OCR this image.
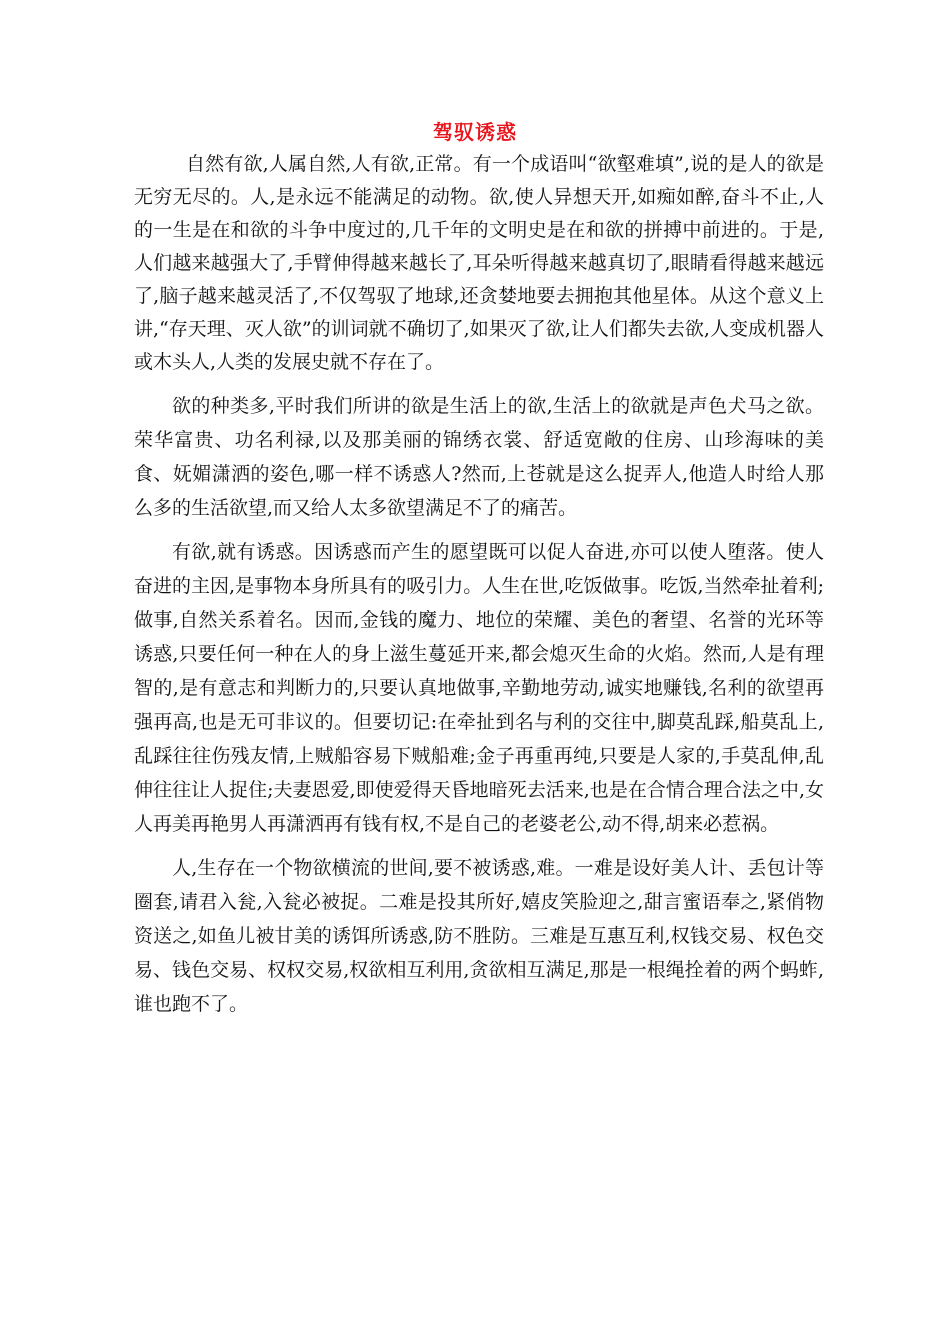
驾驭诱惑

自然有欲,人属自然,人有欲,正常。有一个成语叫“欲壑难填”,说的是人的欲是无穷无尽的。人,是永远不能满足的动物。欲,使人异想天开,如痴如醉,奋斗不止,人的一生是在和欲的斗争中度过的,几千年的文明史是在和欲的拼搏中前进的。于是,人们越来越强大了,手臂伸得越来越长了,耳朵听得越来越真切了,眼睛看得越来越远了,脑子越来越灵活了,不仅驾驭了地球,还贪婪地要去拥抱其他星体。从这个意义上讲,“存天理、灭人欲”的训词就不确切了,如果灭了欲,让人们都失去欲,人变成机器人或木头人,人类的发展史就不存在了。

欲的种类多,平时我们所讲的欲是生活上的欲,生活上的欲就是声色犬马之欲。荣华富贵、功名利禄,以及那美丽的锦绣衣裳、舒适宽敞的住房、山珍海味的美食、妩媚潇洒的姿色,哪一样不诱惑人?然而,上苍就是这么捉弄人,他造人时给人那么多的生活欲望,而又给人太多欲望满足不了的痛苦。

有欲,就有诱惑。因诱惑而产生的愿望既可以促人奋进,亦可以使人堕落。使人奋进的主因,是事物本身所具有的吸引力。人生在世,吃饭做事。吃饭,当然牵扯着利;做事,自然关系着名。因而,金钱的魔力、地位的荣耀、美色的奢望、名誉的光环等诱惑,只要任何一种在人的身上滋生蔓延开来,都会熄灭生命的火焰。然而,人是有理智的,是有意志和判断力的,只要认真地做事,辛勤地劳动,诚实地赚钱,名利的欲望再强再高,也是无可非议的。但要切记:在牵扯到名与利的交往中,脚莫乱踩,船莫乱上,乱踩往往伤残友情,上贼船容易下贼船难;金子再重再纯,只要是人家的,手莫乱伸,乱伸往往让人捉住;夫妻恩爱,即使爱得天昏地暗死去活来,也是在合情合理合法之中,女人再美再艳男人再潇洒再有钱有权,不是自己的老婆老公,动不得,胡来必惹祸。

人,生存在一个物欲横流的世间,要不被诱惑,难。一难是设好美人计、丢包计等圈套,请君入瓮,入瓮必被捉。二难是投其所好,嬉皮笑脸迎之,甜言蜜语奉之,紧俏物资送之,如鱼儿被甘美的诱饵所诱惑,防不胜防。三难是互惠互利,权钱交易、权色交易、钱色交易、权权交易,权欲相互利用,贪欲相互满足,那是一根绳拴着的两个蚂蚱,谁也跑不了。
